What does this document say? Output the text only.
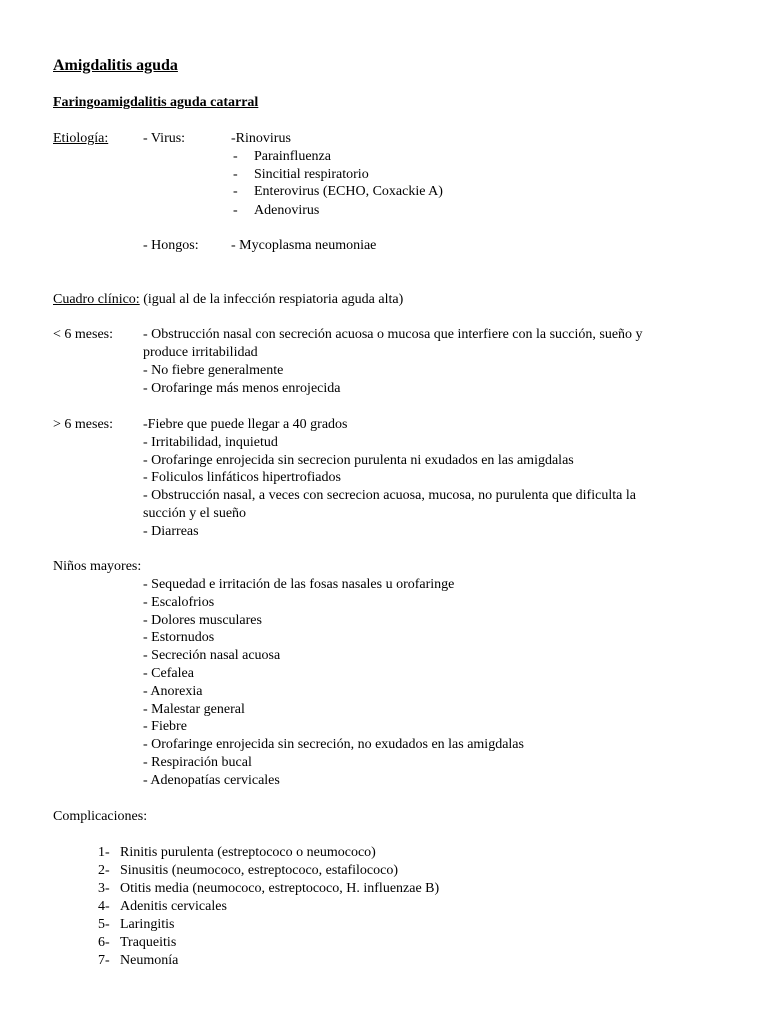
Amigdalitis aguda
Faringoamigdalitis aguda catarral
Etiología: - Virus:	-Rinovirus
- Parainfluenza
- Sincitial respiratorio
- Enterovirus (ECHO, Coxackie A)
- Adenovirus
- Hongos: - Mycoplasma neumoniae
Cuadro clínico: (igual al de la infección respiatoria aguda alta)
< 6 meses: - Obstrucción nasal con secreción acuosa o mucosa que interfiere con la succión, sueño y
produce irritabilidad
- No fiebre generalmente
- Orofaringe más menos enrojecida
> 6 meses: -Fiebre que puede llegar a 40 grados
- Irritabilidad, inquietud
- Orofaringe enrojecida sin secrecion purulenta ni exudados en las amigdalas
- Foliculos linfáticos hipertrofiados
- Obstrucción nasal, a veces con secrecion acuosa, mucosa, no purulenta que dificulta la
succión y el sueño
- Diarreas
Niños mayores:
- Sequedad e irritación de las fosas nasales u orofaringe
- Escalofrios
- Dolores musculares
- Estornudos
- Secreción nasal acuosa
- Cefalea
- Anorexia
- Malestar general
- Fiebre
- Orofaringe enrojecida sin secreción, no exudados en las amigdalas
- Respiración bucal
- Adenopatías cervicales
Complicaciones:
1- Rinitis purulenta (estreptococo o neumococo)
2- Sinusitis (neumococo, estreptococo, estafilococo)
3- Otitis media (neumococo, estreptococo, H. influenzae B)
4- Adenitis cervicales
5- Laringitis
6- Traqueitis
7- Neumonía
